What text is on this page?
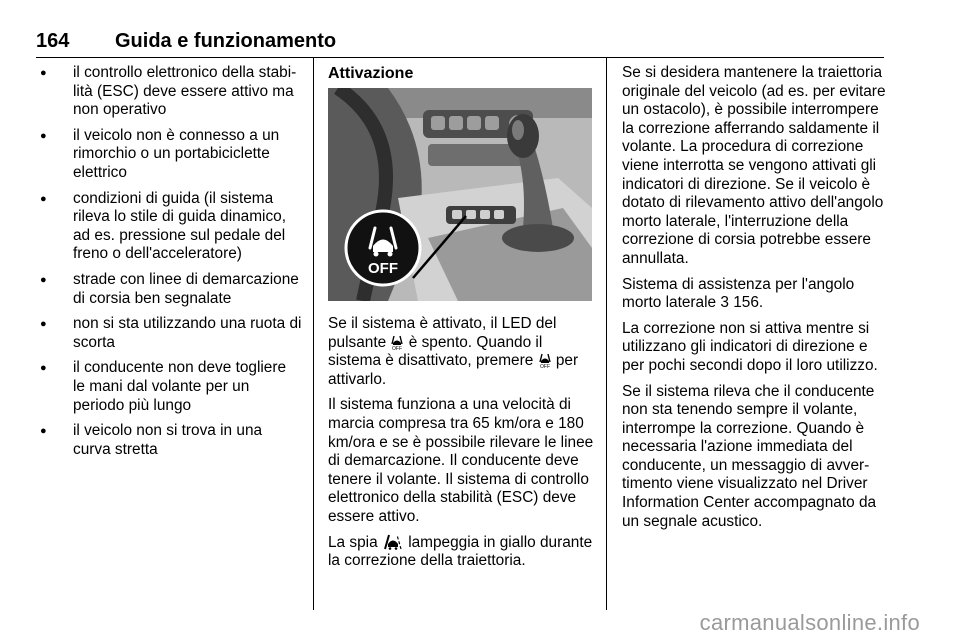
164 Guida e funzionamento
● il controllo elettronico della stabilità (ESC) deve essere attivo ma non operativo
● il veicolo non è connesso a un rimorchio o un portabiciclette elettrico
● condizioni di guida (il sistema rileva lo stile di guida dinamico, ad es. pressione sul pedale del freno o dell'acceleratore)
● strade con linee di demarcazione di corsia ben segnalate
● non si sta utilizzando una ruota di scorta
● il conducente non deve togliere le mani dal volante per un periodo più lungo
● il veicolo non si trova in una curva stretta
Attivazione
OFF

Se il sistema è attivato, il LED del pulsante OFF è spento. Quando il sistema è disattivato, premere OFF per attivarlo.

Il sistema funziona a una velocità di marcia compresa tra 65 km/ora e 180 km/ora e se è possibile rilevare le linee di demarcazione. Il conducente deve tenere il volante. Il sistema di controllo elettronico della stabilità (ESC) deve essere attivo.

La spia lampeggia in giallo durante la correzione della traiettoria.

Se si desidera mantenere la traiettoria originale del veicolo (ad es. per evitare un ostacolo), è possibile interrompere la correzione afferrando saldamente il volante. La procedura di correzione viene interrotta se vengono attivati gli indicatori di direzione. Se il veicolo è dotato di rilevamento attivo dell'angolo morto laterale, l'interruzione della correzione di corsia potrebbe essere annullata.

Sistema di assistenza per l'angolo morto laterale 3 156.

La correzione non si attiva mentre si utilizzano gli indicatori di direzione e per pochi secondi dopo il loro utilizzo.

Se il sistema rileva che il conducente non sta tenendo sempre il volante, interrompe la correzione. Quando è necessaria l'azione immediata del conducente, un messaggio di avvertimento viene visualizzato nel Driver Information Center accompagnato da un segnale acustico.

carmanualsonline.info
